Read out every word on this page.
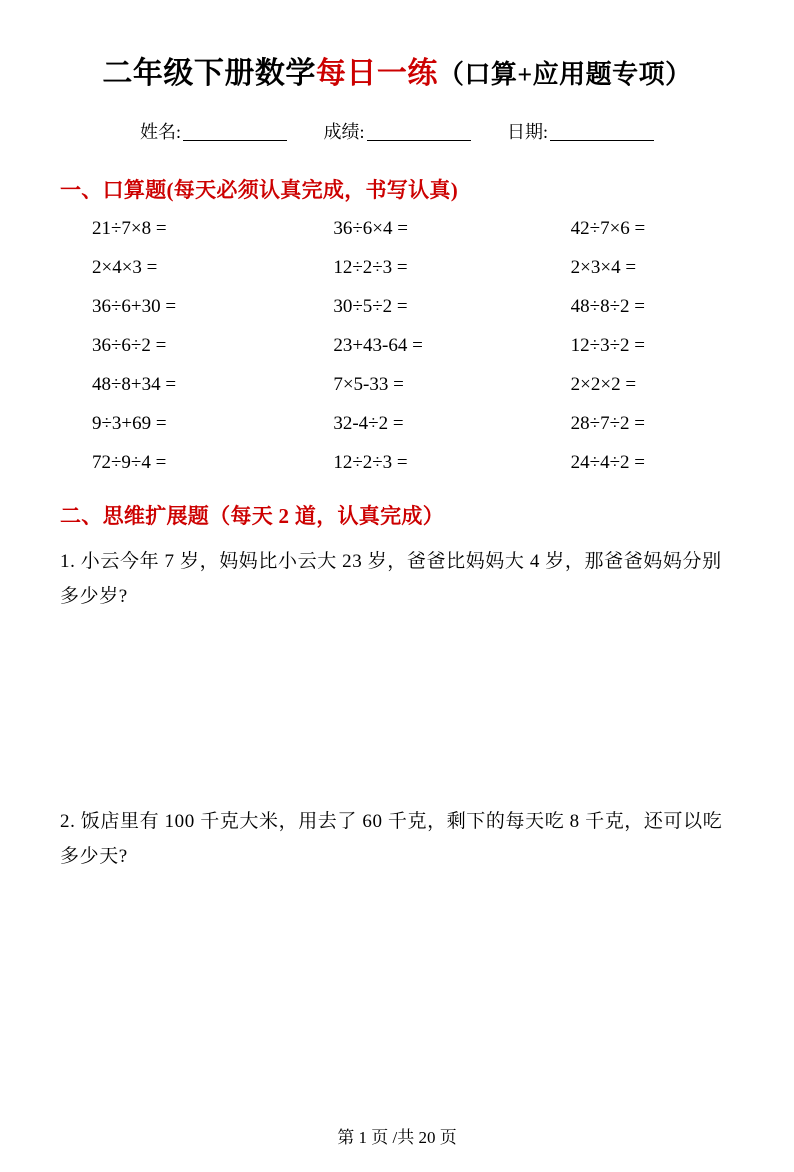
二年级下册数学每日一练（口算+应用题专项）
姓名:	成绩:	日期:
一、口算题(每天必须认真完成，书写认真)
21÷7×8 =	36÷6×4 =	42÷7×6 =
2×4×3 =	12÷2÷3 =	2×3×4 =
36÷6+30 =	30÷5÷2 =	48÷8÷2 =
36÷6÷2 =	23+43-64 =	12÷3÷2 =
48÷8+34 =	7×5-33 =	2×2×2 =
9÷3+69 =	32-4÷2 =	28÷7÷2 =
72÷9÷4 =	12÷2÷3 =	24÷4÷2 =
二、思维扩展题（每天 2 道，认真完成）
1. 小云今年 7 岁，妈妈比小云大 23 岁，爸爸比妈妈大 4 岁，那爸爸妈妈分别多少岁?
2. 饭店里有 100 千克大米，用去了 60 千克，剩下的每天吃 8 千克，还可以吃多少天?
第 1 页 /共 20 页
